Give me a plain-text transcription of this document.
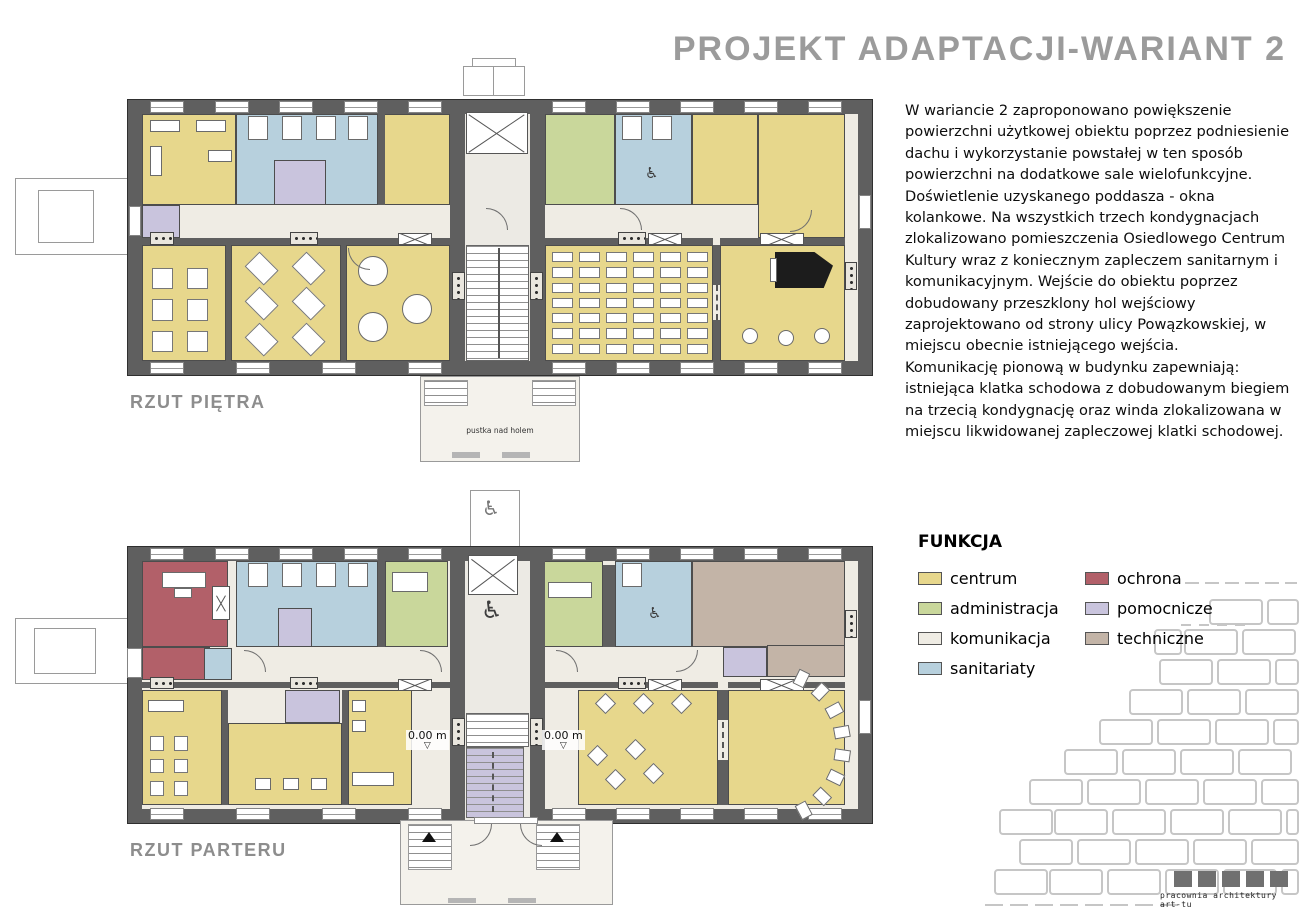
PROJEKT ADAPTACJI-WARIANT 2
W wariancie 2 zaproponowano powiększenie powierzchni użytkowej obiektu poprzez podniesienie dachu i wykorzystanie powstałej w ten sposób powierzchni na dodatkowe sale wielofunkcyjne. Doświetlenie uzyskanego poddasza - okna kolankowe. Na wszystkich trzech kondygnacjach zlokalizowano pomieszczenia Osiedlowego Centrum Kultury wraz z koniecznym zapleczem sanitarnym i komunikacyjnym. Wejście do obiektu poprzez dobudowany przeszklony hol wejściowy zaprojektowano od strony ulicy Powązkowskiej, w miejscu obecnie istniejącego wejścia.
Komunikację pionową w budynku zapewniają: istniejąca klatka schodowa z dobudowanym biegiem na trzecią kondygnację oraz winda zlokalizowana w miejscu likwidowanej zapleczowej klatki schodowej.
♿
pustka nad holem
RZUT PIĘTRA
♿
♿	♿
0.00 m
▽
0.00 m
▽
RZUT PARTERU
FUNKCJA
centrum
administracja
komunikacja
sanitariaty
ochrona
pomocnicze
techniczne
pracownia architektury art-tu
